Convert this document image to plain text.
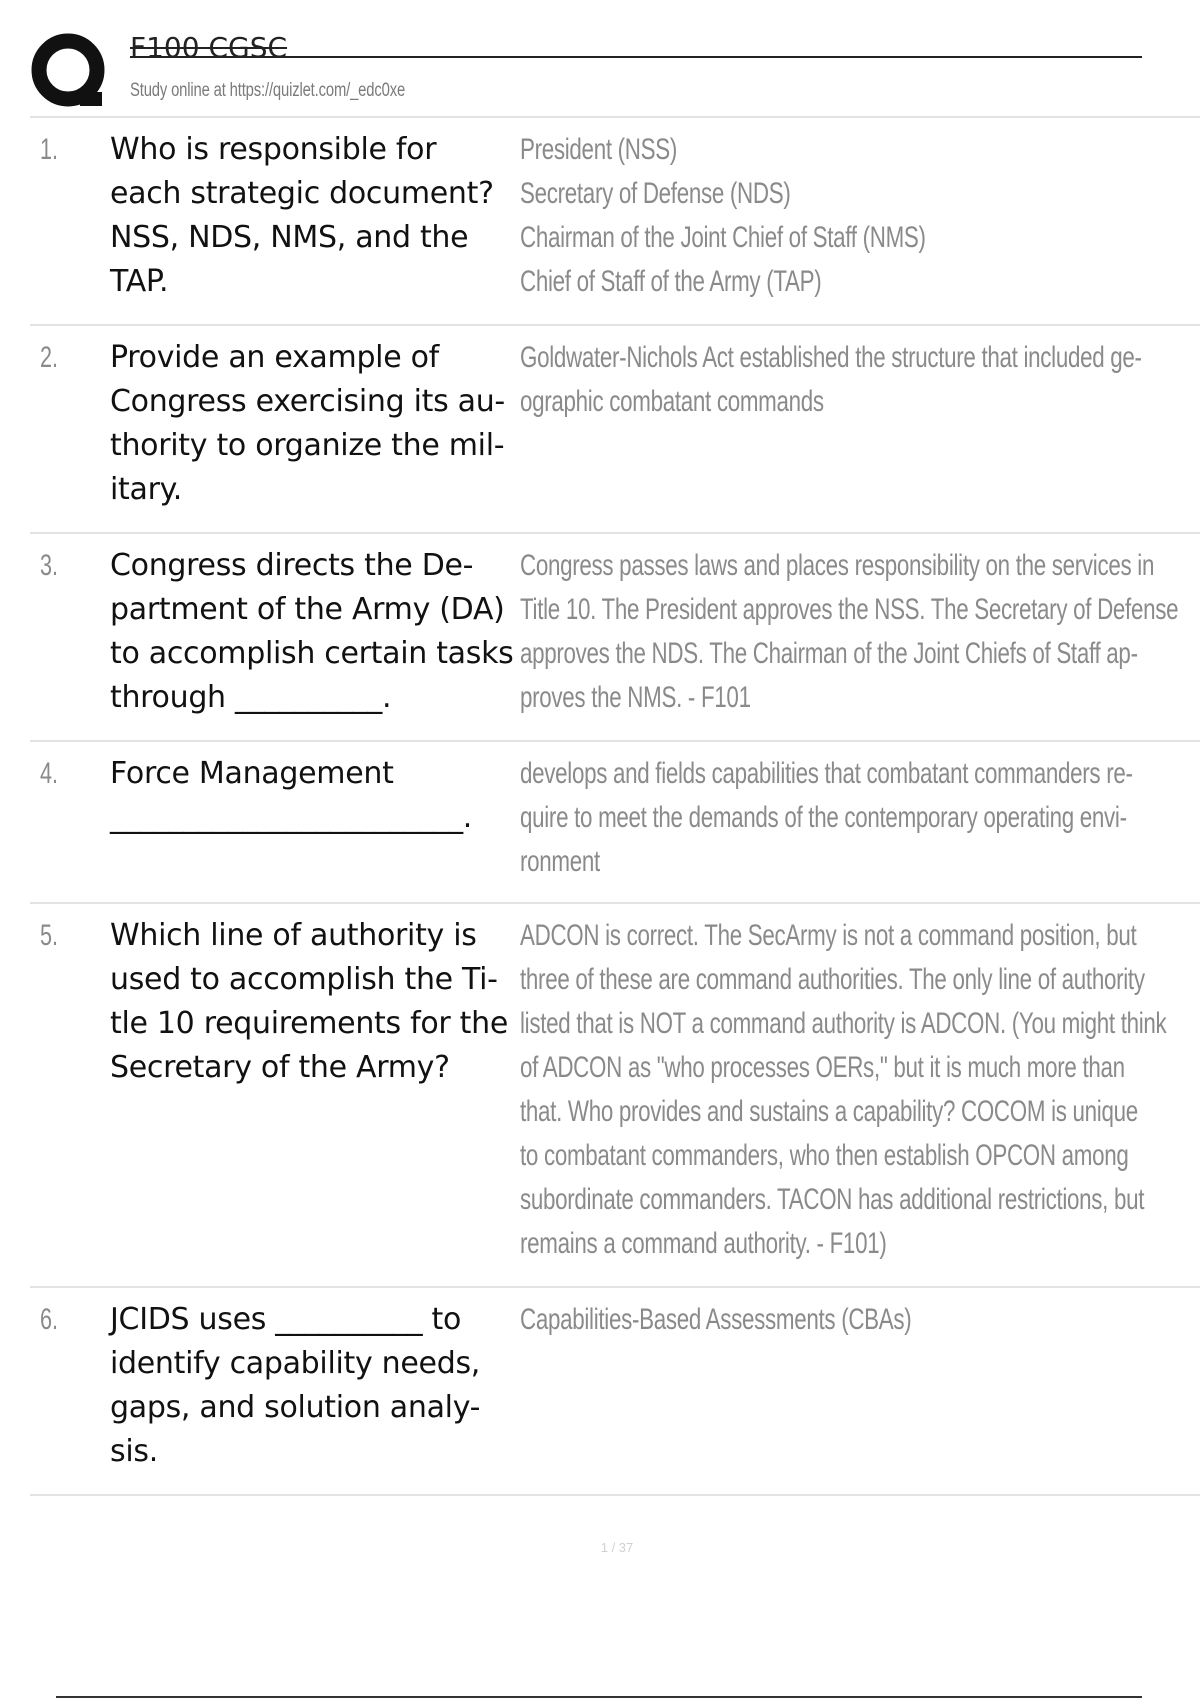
F100 CGSC
Study online at https://quizlet.com/_edc0xe
1. Who is responsible for
each strategic document?
NSS, NDS, NMS, and the
TAP.
President (NSS)
Secretary of Defense (NDS)
Chairman of the Joint Chief of Staff (NMS)
Chief of Staff of the Army (TAP)
2. Provide an example of
Congress exercising its au-
thority to organize the mil-
itary.
Goldwater-Nichols Act established the structure that included ge-
ographic combatant commands
3. Congress directs the De-
partment of the Army (DA)
to accomplish certain tasks
through __________.
Congress passes laws and places responsibility on the services in
Title 10. The President approves the NSS. The Secretary of Defense
approves the NDS. The Chairman of the Joint Chiefs of Staff ap-
proves the NMS. - F101
4. Force Management
________________________.
develops and fields capabilities that combatant commanders re-
quire to meet the demands of the contemporary operating envi-
ronment
5. Which line of authority is
used to accomplish the Ti-
tle 10 requirements for the
Secretary of the Army?
ADCON is correct. The SecArmy is not a command position, but
three of these are command authorities. The only line of authority
listed that is NOT a command authority is ADCON. (You might think
of ADCON as "who processes OERs," but it is much more than
that. Who provides and sustains a capability? COCOM is unique
to combatant commanders, who then establish OPCON among
subordinate commanders. TACON has additional restrictions, but
remains a command authority. - F101)
6. JCIDS uses __________ to
identify capability needs,
gaps, and solution analy-
sis.
Capabilities-Based Assessments (CBAs)
1 / 37
